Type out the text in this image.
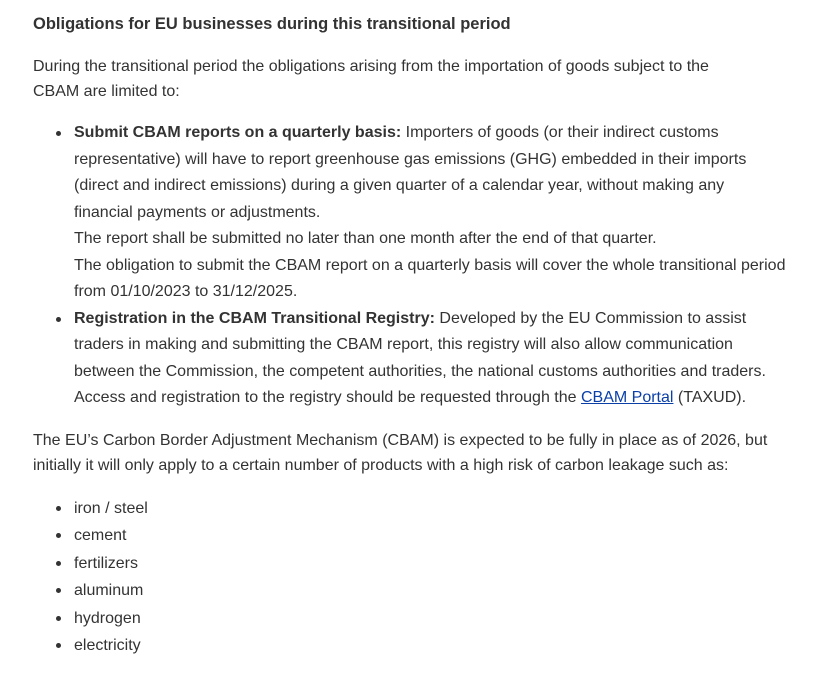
Obligations for EU businesses during this transitional period

During the transitional period the obligations arising from the importation of goods subject to the CBAM are limited to:

Submit CBAM reports on a quarterly basis: Importers of goods (or their indirect customs representative) will have to report greenhouse gas emissions (GHG) embedded in their imports (direct and indirect emissions) during a given quarter of a calendar year, without making any financial payments or adjustments.
The report shall be submitted no later than one month after the end of that quarter.
The obligation to submit the CBAM report on a quarterly basis will cover the whole transitional period from 01/10/2023 to 31/12/2025.
Registration in the CBAM Transitional Registry: Developed by the EU Commission to assist traders in making and submitting the CBAM report, this registry will also allow communication between the Commission, the competent authorities, the national customs authorities and traders.
Access and registration to the registry should be requested through the CBAM Portal (TAXUD).

The EU’s Carbon Border Adjustment Mechanism (CBAM) is expected to be fully in place as of 2026, but initially it will only apply to a certain number of products with a high risk of carbon leakage such as:

iron / steel
cement
fertilizers
aluminum
hydrogen
electricity
